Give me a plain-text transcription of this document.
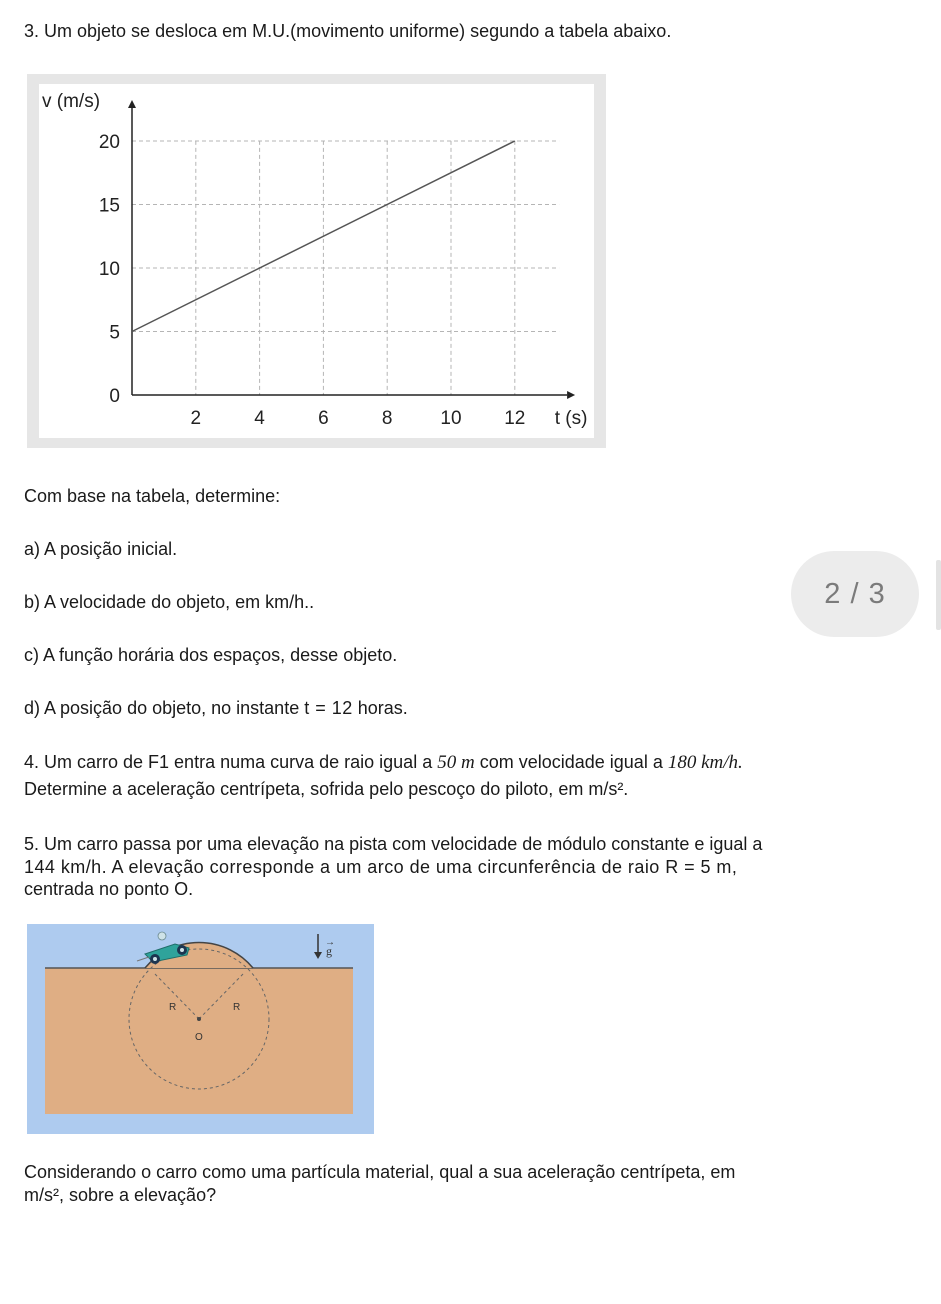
3. Um objeto se desloca em M.U.(movimento uniforme) segundo a tabela abaixo.
0
5
10
15
20
2	4	6	8	10 12
v (m/s)
t (s)
Com base na tabela, determine:
a) A posição inicial.
b) A velocidade do objeto, em km/h..
c) A função horária dos espaços, desse objeto.
d) A posição do objeto, no instante t = 12 horas.
2 / 3
4. Um carro de F1 entra numa curva de raio igual a 50 m com velocidade igual a 180 km/h.
Determine a aceleração centrípeta, sofrida pelo pescoço do piloto, em m/s².
5. Um carro passa por uma elevação na pista com velocidade de módulo constante e igual a
144 km/h. A elevação corresponde a um arco de uma circunferência de raio R = 5 m,
centrada no ponto O.
R	R
O
g
→
Considerando o carro como uma partícula material, qual a sua aceleração centrípeta, em
m/s², sobre a elevação?
